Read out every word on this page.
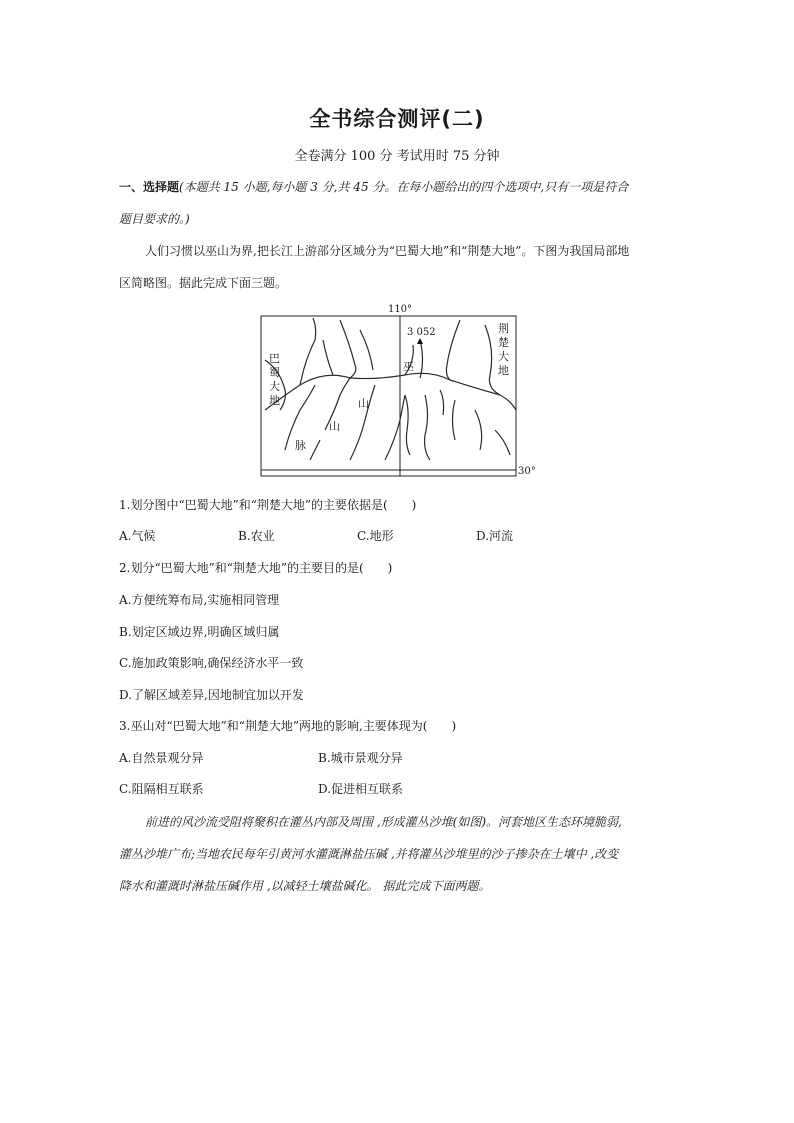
全书综合测评(二)
全卷满分 100 分 考试用时 75 分钟
一、选择题(本题共 15 小题,每小题 3 分,共 45 分。在每小题给出的四个选项中,只有一项是符合
题目要求的。)
人们习惯以巫山为界,把长江上游部分区域分为“巴蜀大地”和“荆楚大地”。下图为我国局部地
区简略图。据此完成下面三题。
110°
30°
3 052
巴
蜀
大
地
荆
楚
大
地
巫
山
山
脉
1.划分图中“巴蜀大地”和“荆楚大地”的主要依据是(　　)
A.气候	B.农业	C.地形	D.河流
2.划分“巴蜀大地”和“荆楚大地”的主要目的是(　　)
A.方便统筹布局,实施相同管理
B.划定区域边界,明确区域归属
C.施加政策影响,确保经济水平一致
D.了解区域差异,因地制宜加以开发
3.巫山对“巴蜀大地”和“荆楚大地”两地的影响,主要体现为(　　)
A.自然景观分异	B.城市景观分异
C.阻隔相互联系	D.促进相互联系
前进的风沙流受阻将聚积在灌丛内部及周围 ,形成灌丛沙堆(如图)。河套地区生态环境脆弱,
灌丛沙堆广布;当地农民每年引黄河水灌溉淋盐压碱 ,并将灌丛沙堆里的沙子掺杂在土壤中 ,改变
降水和灌溉时淋盐压碱作用 ,以减轻土壤盐碱化。 据此完成下面两题。
